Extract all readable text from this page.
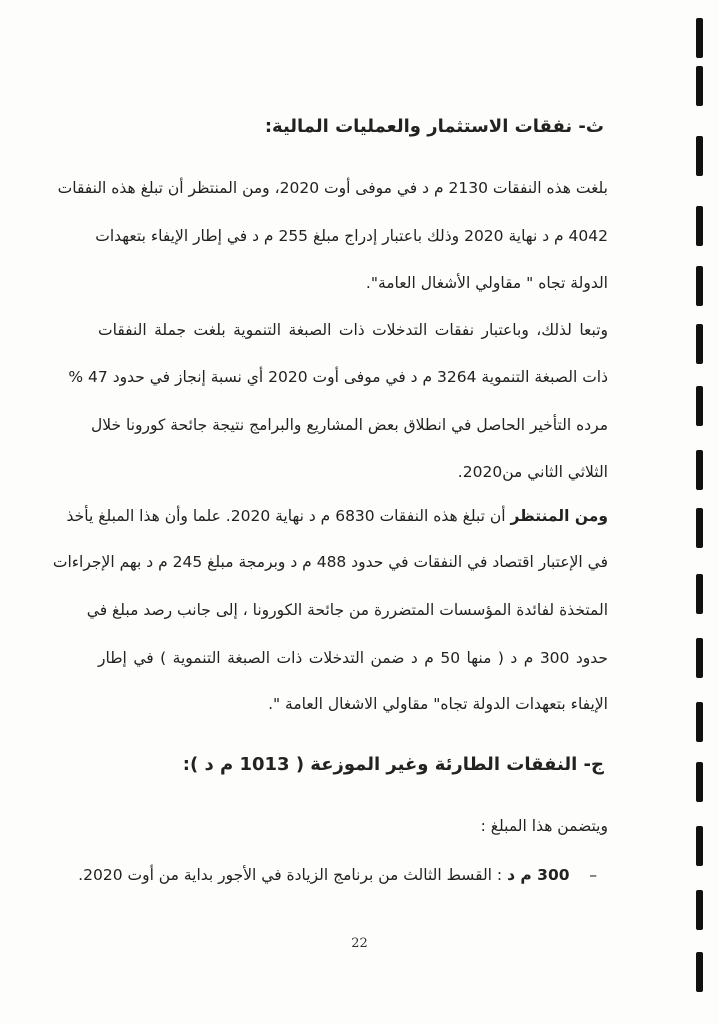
ث- نفقات الاستثمار والعمليات المالية:
بلغت هذه النفقات 2130 م د في موفى أوت 2020، ومن المنتظر أن تبلغ هذه النفقات
4042 م د نهاية 2020 وذلك باعتبار إدراج مبلغ 255 م د في إطار الإيفاء بتعهدات
الدولة تجاه " مقاولي الأشغال العامة".
وتبعا لذلك، وباعتبار نفقات التدخلات ذات الصبغة التنموية بلغت جملة النفقات
ذات الصبغة التنموية 3264 م د في موفى أوت 2020 أي نسبة إنجاز في حدود 47 %
مرده التأخير الحاصل في انطلاق بعض المشاريع والبرامج نتيجة جائحة كورونا خلال
الثلاثي الثاني من2020.
ومن المنتظر أن تبلغ هذه النفقات 6830 م د نهاية 2020. علما وأن هذا المبلغ يأخذ
في الإعتبار اقتصاد في النفقات في حدود 488 م د وبرمجة مبلغ 245 م د بهم الإجراءات
المتخذة لفائدة المؤسسات المتضررة من جائحة الكورونا ، إلى جانب رصد مبلغ في
حدود 300 م د ( منها 50 م د ضمن التدخلات ذات الصبغة التنموية ) في إطار
الإيفاء بتعهدات الدولة تجاه" مقاولي الاشغال العامة ".
ج- النفقات الطارئة وغير الموزعة ( 1013 م د ):
ويتضمن هذا المبلغ :
–    300 م د : القسط الثالث من برنامج الزيادة في الأجور بداية من أوت 2020.
22
